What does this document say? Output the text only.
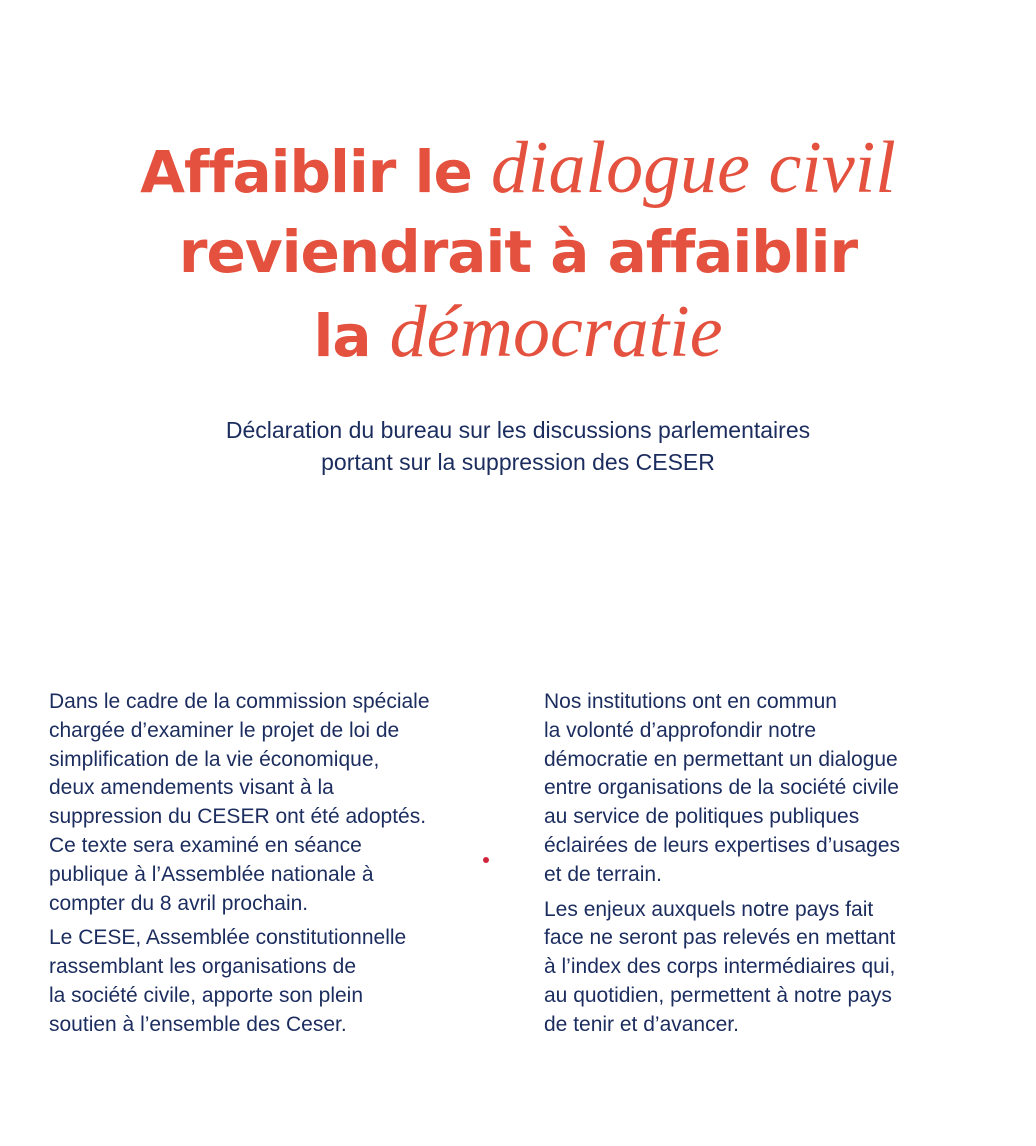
Affaiblir le dialogue civil
reviendrait à affaiblir
la démocratie

Déclaration du bureau sur les discussions parlementaires
portant sur la suppression des CESER

Dans le cadre de la commission spéciale
chargée d’examiner le projet de loi de
simplification de la vie économique,
deux amendements visant à la
suppression du CESER ont été adoptés.
Ce texte sera examiné en séance
publique à l’Assemblée nationale à
compter du 8 avril prochain.

Le CESE, Assemblée constitutionnelle
rassemblant les organisations de
la société civile, apporte son plein
soutien à l’ensemble des Ceser.

Nos institutions ont en commun
la volonté d’approfondir notre
démocratie en permettant un dialogue
entre organisations de la société civile
au service de politiques publiques
éclairées de leurs expertises d’usages
et de terrain.

Les enjeux auxquels notre pays fait
face ne seront pas relevés en mettant
à l’index des corps intermédiaires qui,
au quotidien, permettent à notre pays
de tenir et d’avancer.
